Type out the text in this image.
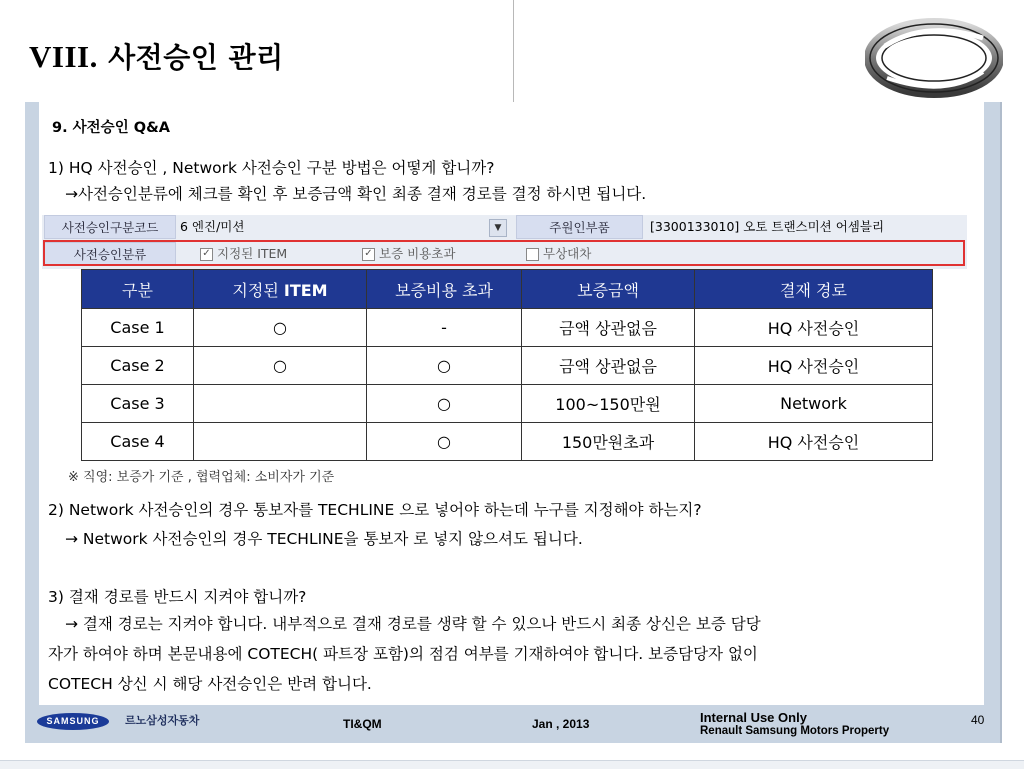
VIII. 사전승인 관리
9. 사전승인 Q&A
1) HQ 사전승인 , Network 사전승인 구분 방법은 어떻게 합니까?
→사전승인분류에 체크를 확인 후 보증금액 확인 최종 결재 경로를 결정 하시면 됩니다.
사전승인구분코드	6 엔진/미션	▼	주원인부품	[3300133010] 오토 트랜스미션 어셈블리
사전승인분류	✓ 지정된 ITEM	✓ 보증 비용초과	무상대차
구분	지정된 ITEM	보증비용 초과	보증금액	결재 경로
Case 1	○	-	금액 상관없음	HQ 사전승인
Case 2	○	○	금액 상관없음	HQ 사전승인
Case 3		○	100~150만원	Network
Case 4		○	150만원초과	HQ 사전승인
※ 직영: 보증가 기준 , 협력업체: 소비자가 기준
2) Network 사전승인의 경우 통보자를 TECHLINE 으로 넣어야 하는데 누구를 지정해야 하는지?
→ Network 사전승인의 경우 TECHLINE을 통보자 로 넣지 않으셔도 됩니다.
3) 결재 경로를 반드시 지켜야 합니까?
→ 결재 경로는 지켜야 합니다. 내부적으로 결재 경로를 생략 할 수 있으나 반드시 최종 상신은 보증 담당
자가 하여야 하며 본문내용에 COTECH( 파트장 포함)의 점검 여부를 기재하여야 합니다. 보증담당자 없이
COTECH 상신 시 해당 사전승인은 반려 합니다.
SAMSUNG	르노삼성자동차	TI&QM	Jan , 2013	Internal Use Only
Renault Samsung Motors Property
40
